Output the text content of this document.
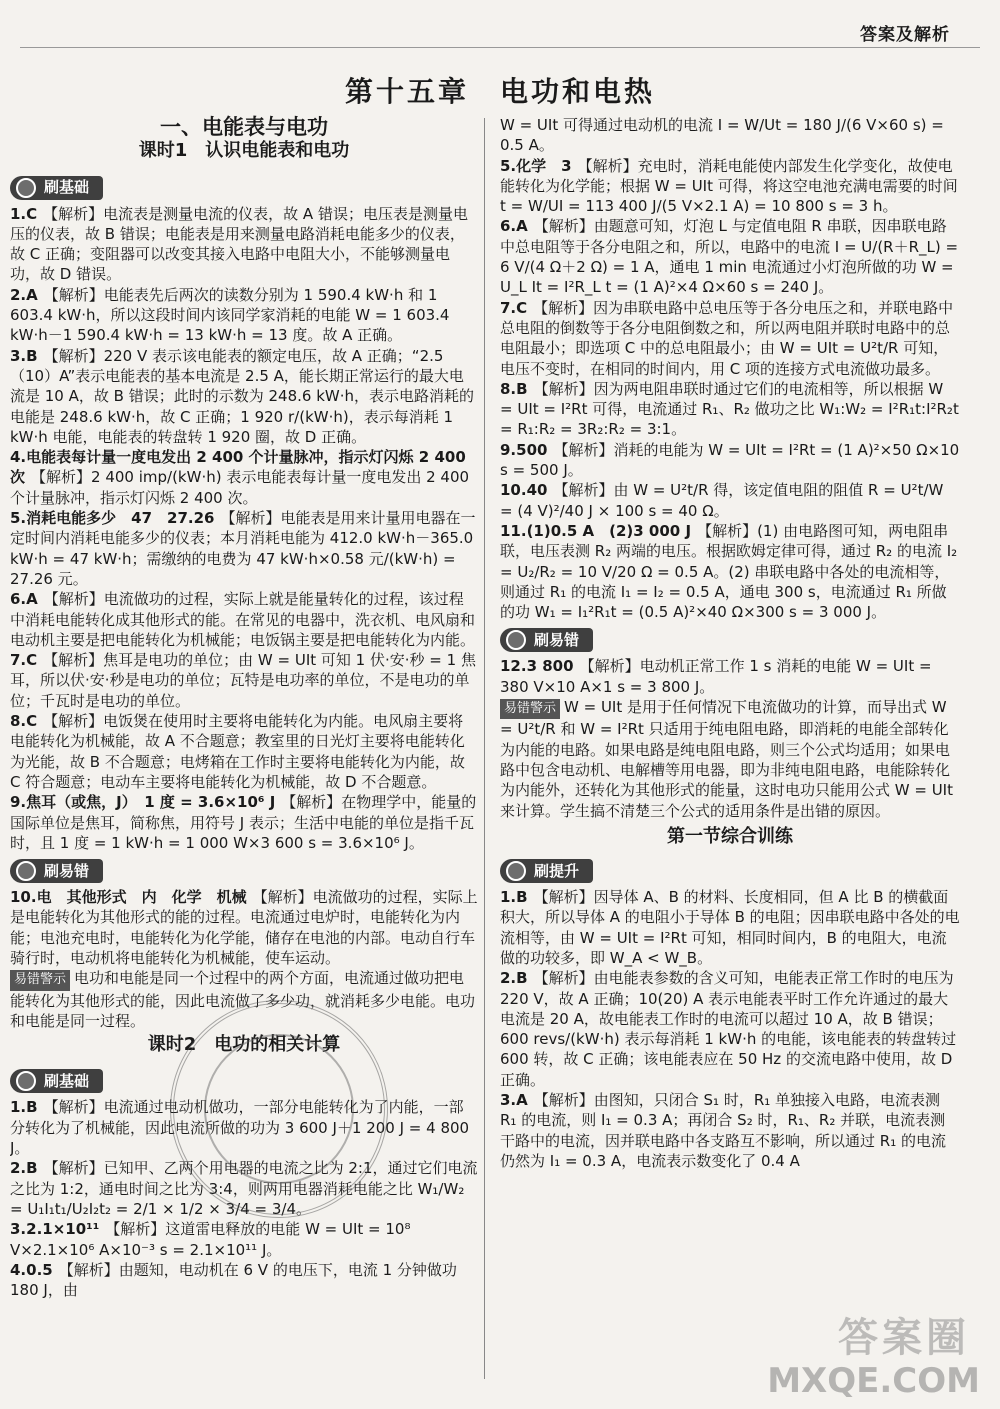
答案及解析
第十五章　电功和电热
一、电能表与电功
课时1　认识电能表和电功
刷基础

1.C 【解析】电流表是测量电流的仪表，故 A 错误；电压表是测量电压的仪表，故 B 错误；电能表是用来测量电路消耗电能多少的仪表，故 C 正确；变阻器可以改变其接入电路中电阻大小，不能够测量电功，故 D 错误。

2.A 【解析】电能表先后两次的读数分别为 1 590.4 kW·h 和 1 603.4 kW·h，所以这段时间内该同学家消耗的电能 W = 1 603.4 kW·h－1 590.4 kW·h = 13 kW·h = 13 度。故 A 正确。

3.B 【解析】220 V 表示该电能表的额定电压，故 A 正确；“2.5（10）A”表示电能表的基本电流是 2.5 A，能长期正常运行的最大电流是 10 A，故 B 错误；此时的示数为 248.6 kW·h，表示电路消耗的电能是 248.6 kW·h，故 C 正确；1 920 r/(kW·h)，表示每消耗 1 kW·h 电能，电能表的转盘转 1 920 圈，故 D 正确。

4.电能表每计量一度电发出 2 400 个计量脉冲，指示灯闪烁 2 400 次 【解析】2 400 imp/(kW·h) 表示电能表每计量一度电发出 2 400 个计量脉冲，指示灯闪烁 2 400 次。

5.消耗电能多少　47　27.26 【解析】电能表是用来计量用电器在一定时间内消耗电能多少的仪表；本月消耗电能为 412.0 kW·h－365.0 kW·h = 47 kW·h；需缴纳的电费为 47 kW·h×0.58 元/(kW·h) = 27.26 元。

6.A 【解析】电流做功的过程，实际上就是能量转化的过程，该过程中消耗电能转化成其他形式的能。在常见的电器中，洗衣机、电风扇和电动机主要是把电能转化为机械能；电饭锅主要是把电能转化为内能。

7.C 【解析】焦耳是电功的单位；由 W = UIt 可知 1 伏·安·秒 = 1 焦耳，所以伏·安·秒是电功的单位；瓦特是电功率的单位，不是电功的单位；千瓦时是电功的单位。

8.C 【解析】电饭煲在使用时主要将电能转化为内能。电风扇主要将电能转化为机械能，故 A 不合题意；教室里的日光灯主要将电能转化为光能，故 B 不合题意；电烤箱在工作时主要将电能转化为内能，故 C 符合题意；电动车主要将电能转化为机械能，故 D 不合题意。

9.焦耳（或焦，J）　1 度 = 3.6×10⁶ J 【解析】在物理学中，能量的国际单位是焦耳，简称焦，用符号 J 表示；生活中电能的单位是指千瓦时，且 1 度 = 1 kW·h = 1 000 W×3 600 s = 3.6×10⁶ J。

刷易错

10.电　其他形式　内　化学　机械 【解析】电流做功的过程，实际上是电能转化为其他形式的能的过程。电流通过电炉时，电能转化为内能；电池充电时，电能转化为化学能，储存在电池的内部。电动自行车骑行时，电动机将电能转化为机械能，使车运动。

易错警示 电功和电能是同一个过程中的两个方面，电流通过做功把电能转化为其他形式的能，因此电流做了多少功，就消耗多少电能。电功和电能是同一过程。

课时2　电功的相关计算
刷基础

1.B 【解析】电流通过电动机做功，一部分电能转化为了内能，一部分转化为了机械能，因此电流所做的功为 3 600 J＋1 200 J = 4 800 J。

2.B 【解析】已知甲、乙两个用电器的电流之比为 2:1，通过它们电流之比为 1:2，通电时间之比为 3:4，则两用电器消耗电能之比 W₁/W₂ = U₁I₁t₁/U₂I₂t₂ = 2/1 × 1/2 × 3/4 = 3/4。

3.2.1×10¹¹ 【解析】这道雷电释放的电能 W = UIt = 10⁸ V×2.1×10⁶ A×10⁻³ s = 2.1×10¹¹ J。

4.0.5 【解析】由题知，电动机在 6 V 的电压下，电流 1 分钟做功 180 J，由

W = UIt 可得通过电动机的电流 I = W/Ut = 180 J/(6 V×60 s) = 0.5 A。

5.化学　3 【解析】充电时，消耗电能使内部发生化学变化，故使电能转化为化学能；根据 W = UIt 可得，将这空电池充满电需要的时间 t = W/UI = 113 400 J/(5 V×2.1 A) = 10 800 s = 3 h。

6.A 【解析】由题意可知，灯泡 L 与定值电阻 R 串联，因串联电路中总电阻等于各分电阻之和，所以，电路中的电流 I = U/(R＋R_L) = 6 V/(4 Ω＋2 Ω) = 1 A，通电 1 min 电流通过小灯泡所做的功 W = U_L It = I²R_L t = (1 A)²×4 Ω×60 s = 240 J。

7.C 【解析】因为串联电路中总电压等于各分电压之和，并联电路中总电阻的倒数等于各分电阻倒数之和，所以两电阻并联时电路中的总电阻最小；即选项 C 中的总电阻最小；由 W = UIt = U²t/R 可知，电压不变时，在相同的时间内，用 C 项的连接方式电流做功最多。

8.B 【解析】因为两电阻串联时通过它们的电流相等，所以根据 W = UIt = I²Rt 可得，电流通过 R₁、R₂ 做功之比 W₁:W₂ = I²R₁t:I²R₂t = R₁:R₂ = 3R₂:R₂ = 3:1。

9.500 【解析】消耗的电能为 W = UIt = I²Rt = (1 A)²×50 Ω×10 s = 500 J。

10.40 【解析】由 W = U²t/R 得，该定值电阻的阻值 R = U²t/W = (4 V)²/40 J × 100 s = 40 Ω。

11.(1)0.5 A　(2)3 000 J 【解析】(1) 由电路图可知，两电阻串联，电压表测 R₂ 两端的电压。根据欧姆定律可得，通过 R₂ 的电流 I₂ = U₂/R₂ = 10 V/20 Ω = 0.5 A。(2) 串联电路中各处的电流相等，则通过 R₁ 的电流 I₁ = I₂ = 0.5 A，通电 300 s，电流通过 R₁ 所做的功 W₁ = I₁²R₁t = (0.5 A)²×40 Ω×300 s = 3 000 J。

刷易错

12.3 800 【解析】电动机正常工作 1 s 消耗的电能 W = UIt = 380 V×10 A×1 s = 3 800 J。

易错警示 W = UIt 是用于任何情况下电流做功的计算，而导出式 W = U²t/R 和 W = I²Rt 只适用于纯电阻电路，即消耗的电能全部转化为内能的电路。如果电路是纯电阻电路，则三个公式均适用；如果电路中包含电动机、电解槽等用电器，即为非纯电阻电路，电能除转化为内能外，还转化为其他形式的能量，这时电功只能用公式 W = UIt 来计算。学生搞不清楚三个公式的适用条件是出错的原因。

第一节综合训练
刷提升

1.B 【解析】因导体 A、B 的材料、长度相同，但 A 比 B 的横截面积大，所以导体 A 的电阻小于导体 B 的电阻；因串联电路中各处的电流相等，由 W = UIt = I²Rt 可知，相同时间内，B 的电阻大，电流做的功较多，即 W_A < W_B。

2.B 【解析】由电能表参数的含义可知，电能表正常工作时的电压为 220 V，故 A 正确；10(20) A 表示电能表平时工作允许通过的最大电流是 20 A，故电能表工作时的电流可以超过 10 A，故 B 错误；600 revs/(kW·h) 表示每消耗 1 kW·h 的电能，该电能表的转盘转过 600 转，故 C 正确；该电能表应在 50 Hz 的交流电路中使用，故 D 正确。

3.A 【解析】由图知，只闭合 S₁ 时，R₁ 单独接入电路，电流表测 R₁ 的电流，则 I₁ = 0.3 A；再闭合 S₂ 时，R₁、R₂ 并联，电流表测干路中的电流，因并联电路中各支路互不影响，所以通过 R₁ 的电流仍然为 I₁ = 0.3 A，电流表示数变化了 0.4 A

答案圈
MXQE.COM
